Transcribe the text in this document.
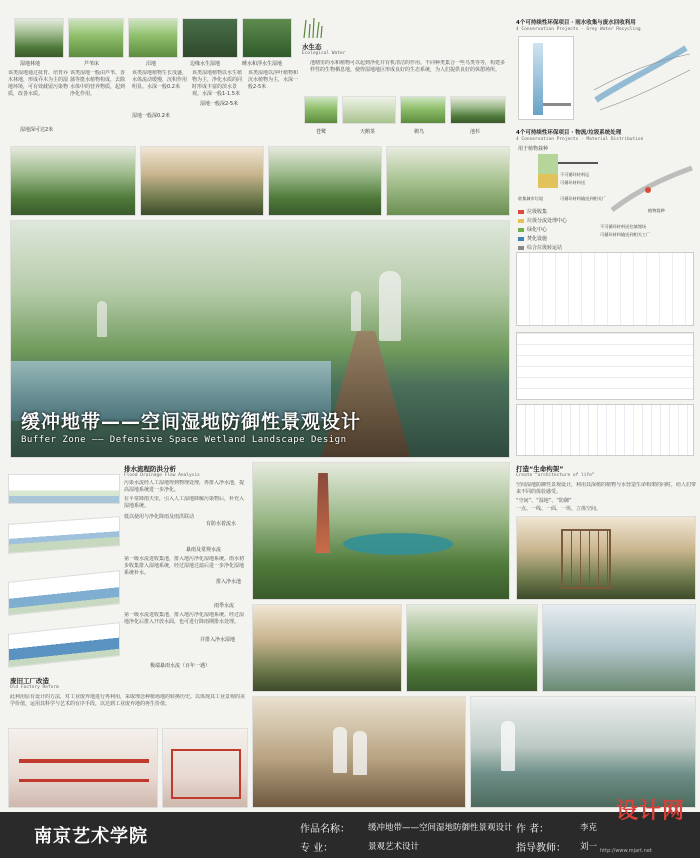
湿地林地	芦苇床	沼地	边缘水生湿地	睡水和浮水生湿地
该类湿地通过抚育、培育乔木林地，形成乔木为主的湿地环境，可有效截留污染物质，改善水质。
该类湿地一般由芦苇、香蒲等挺水植物构成，去除水体中的营养物质，起到净化作用。
该类湿地植物生长茂盛，水体流动缓慢，沉积作用明显。水深一般0.2米
该类湿地植物以水生植物为主，净化水质的同时形成丰富的滨水景观。水深一般1-1.5米
该类湿地以浮叶植物和沉水植物为主，水深一般2-5米
湿地深可达2米
湿地一般深0.2米
湿地一般深2-5米
水生态
Ecological Water
池塘里的水和植物可以起到净化并有机清洁的作用。不同种类集合一些鸟类等等，构建多样性的生物栖息地，使得湿地地区形成良好的生态系统，为人们提供良好的休憩场所。
苍鹭	天鹅茶	鹈鸟	池杉
4个可持续性环保项目 · 雨水收集与废水回收利用
4 Conservation Projects - Grey Water Recycling
4个可持续性环保项目 · 物流/垃圾系统处理
4 Conservation Projects - Material Distribution
用于植物栽种
不可循环材料运
可循环材料送
收集城市垃圾	可循环材料输送到相关厂
植物栽种
不可循环材料送往填埋场
可循环材料输送到相关工厂
垃圾收集
垃圾分流处理中心
绿化中心
焚化设施
综合垃圾转运站
缓冲地带——空间湿地防御性景观设计
Buffer Zone —— Defensive Space Wetland Landscape Design
排水流程防洪分析
Flood Drainage Flow Analysis
污染水流经人工湿地得到物理处理，再排入净水池，提高湿地系统进一步净化。
在平常降雨天里，引入人工湿地降解污染物后，补充入湿地系统。
低以使用与净化降雨及雨洪联动
有防水着流水
暴雨及常规水流
第一级水流进收集池，排入地污净化湿地系统。雨水初步收集排入湿地系统，经过湿地过滤后进一步净化湿地系统补水。
排入净水池
雨季水流
第一级水流进收集池，排入地污净化湿地系统。经过湿地净化后排入开放水面，也可进行降雨期排水处理。
并排入净水湿地
极端暴雨水流（百年一遇）
废旧工厂改造
Old Factory Reform
此利用原有设计的方法，对工业废弃地进行再利用，采取理念种植场地的转换历史。以体现其工业景观的美学价值，运用其科学与艺术的有序手段，以达到工业废弃地的再生价值。
打造“生命构架”
Create “architecture of life”
空间湿地防御性景观设计，利用其深植的植物与水营造生命构架的同时，给人们带来不同的体验感受。
“空间”、“湿地”、“防御”
一点、一线、一面、一块、立体空间。
南京艺术学院	作品名称： 缓冲地带——空间湿地防御性景观设计
专 业：	景观艺术设计
作 者：	李克
指导教师： 刘一
设计网
http://www.mjart.net
